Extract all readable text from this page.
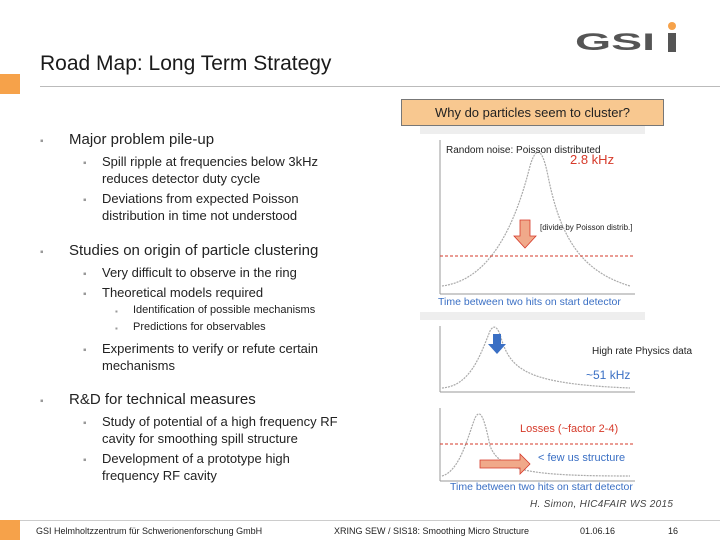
Road Map: Long Term Strategy
GSI
▪ Major problem pile-up
▪ Spill ripple at frequencies below 3kHz reduces detector duty cycle
▪ Deviations from expected Poisson distribution in time not understood
▪ Studies on origin of particle clustering
▪ Very difficult to observe in the ring
▪ Theoretical models required
▪ Identification of possible mechanisms
▪ Predictions for observables
▪ Experiments to verify or refute certain mechanisms
▪ R&D for technical measures
▪ Study of potential of a high frequency RF cavity for smoothing spill structure
▪ Development of a prototype high frequency RF cavity
Why do particles seem to cluster?
Random noise: Poisson distributed
2.8 kHz
[divide by Poisson distrib.]
Time between two hits on start detector
High rate Physics data
~51 kHz
Losses (~factor 2-4)
< few us structure
Time between two hits on start detector
H. Simon, HIC4FAIR WS 2015
GSI Helmholtzzentrum für Schwerionenforschung GmbH	XRING SEW / SIS18: Smoothing Micro Structure	01.06.16	16
